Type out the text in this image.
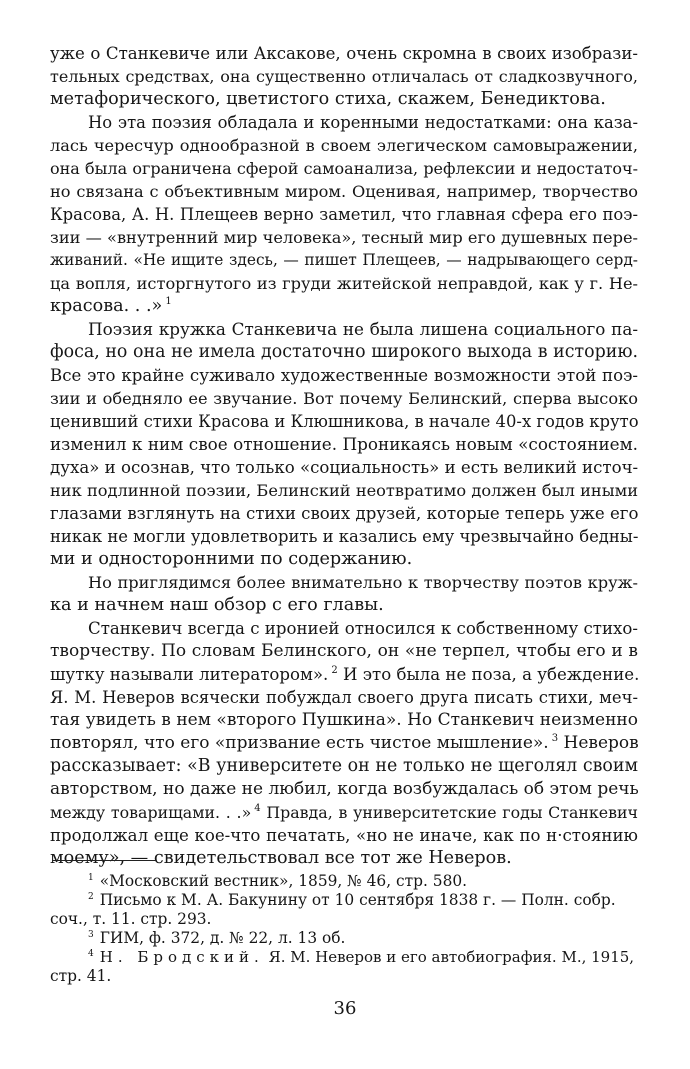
уже о Станкевиче или Аксакове, очень скромна в своих изобрази-
тельных средствах, она существенно отличалась от сладкозвучного,
метафорического, цветистого стиха, скажем, Бенедиктова.
Но эта поэзия обладала и коренными недостатками: она каза-
лась чересчур однообразной в своем элегическом самовыражении,
она была ограничена сферой самоанализа, рефлексии и недостаточ-
но связана с объективным миром. Оценивая, например, творчество
Красова, А. Н. Плещеев верно заметил, что главная сфера его поэ-
зии — «внутренний мир человека», тесный мир его душевных пере-
живаний. «Не ищите здесь, — пишет Плещеев, — надрывающего серд-
ца вопля, исторгнутого из груди житейской неправдой, как у г. Не-
красова. . .» $^1$
Поэзия кружка Станкевича не была лишена социального па-
фоса, но она не имела достаточно широкого выхода в историю.
Все это крайне суживало художественные возможности этой поэ-
зии и обедняло ее звучание. Вот почему Белинский, сперва высоко
ценивший стихи Красова и Клюшникова, в начале 40-х годов круто
изменил к ним свое отношение. Проникаясь новым «состоянием.
духа» и осознав, что только «социальность» и есть великий источ-
ник подлинной поэзии, Белинский неотвратимо должен был иными
глазами взглянуть на стихи своих друзей, которые теперь уже его
никак не могли удовлетворить и казались ему чрезвычайно бедны-
ми и односторонними по содержанию.
Но приглядимся более внимательно к творчеству поэтов круж-
ка и начнем наш обзор с его главы.
Станкевич всегда с иронией относился к собственному стихо-
творчеству. По словам Белинского, он «не терпел, чтобы его и в
шутку называли литератором». $^2$ И это была не поза, а убеждение.
Я. М. Неверов всячески побуждал своего друга писать стихи, меч-
тая увидеть в нем «второго Пушкина». Но Станкевич неизменно
повторял, что его «призвание есть чистое мышление». $^3$ Неверов
рассказывает: «В университете он не только не щеголял своим
авторством, но даже не любил, когда возбуждалась об этом речь
между товарищами. . .» $^4$ Правда, в университетские годы Станкевич
продолжал еще кое-что печатать, «но не иначе, как по н·стоянию
моему», — свидетельствовал все тот же Неверов.
$^1$ «Московский вестник», 1859, № 46, стр. 580.
$^2$ Письмо к М. А. Бакунину от 10 сентября 1838 г. — Полн. собр.
соч., т. 11. стр. 293.
$^3$ ГИМ, ф. 372, д. № 22, л. 13 об.
$^4$ Н. Бродский. Я. М. Неверов и его автобиография. М., 1915,
стр. 41.
36
